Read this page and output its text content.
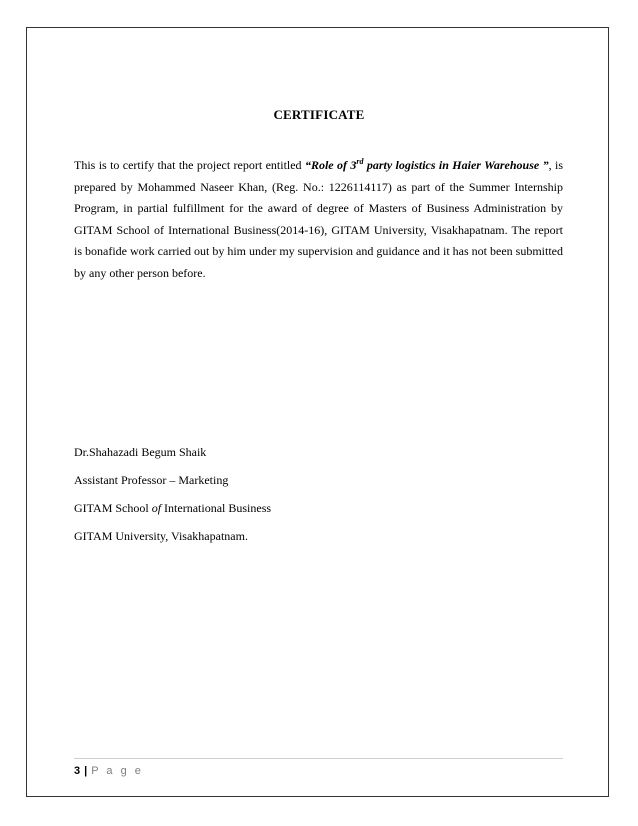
CERTIFICATE
This is to certify that the project report entitled “Role of 3rd party logistics in Haier Warehouse ”, is prepared by Mohammed Naseer Khan, (Reg. No.: 1226114117) as part of the Summer Internship Program, in partial fulfillment for the award of degree of Masters of Business Administration by GITAM School of International Business(2014-16), GITAM University, Visakhapatnam. The report is bonafide work carried out by him under my supervision and guidance and it has not been submitted by any other person before.
Dr.Shahazadi Begum Shaik
Assistant Professor – Marketing
GITAM School of International Business
GITAM University, Visakhapatnam.
3 | P a g e
